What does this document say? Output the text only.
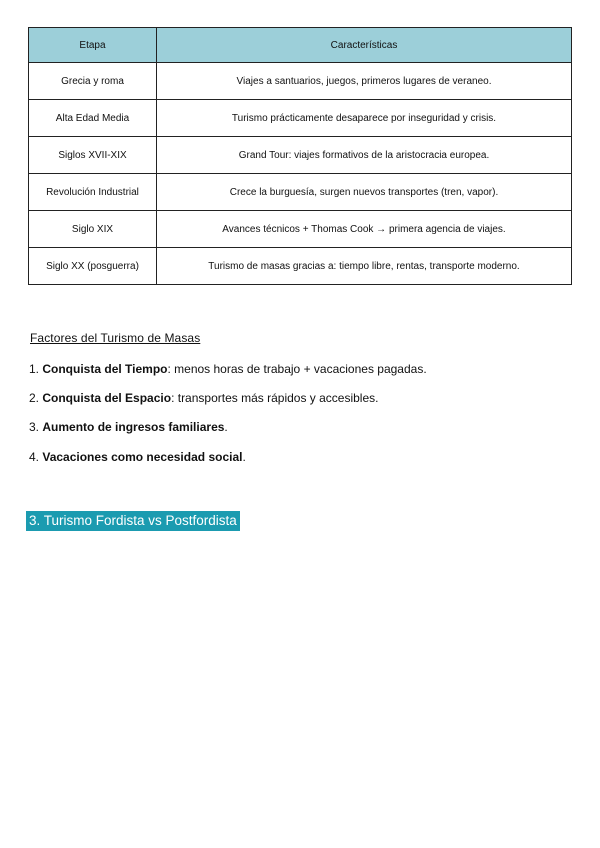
Etapa	Características
Grecia y roma	Viajes a santuarios, juegos, primeros lugares de veraneo.
Alta Edad Media	Turismo prácticamente desaparece por inseguridad y crisis.
Siglos XVII-XIX	Grand Tour: viajes formativos de la aristocracia europea.
Revolución Industrial	Crece la burguesía, surgen nuevos transportes (tren, vapor).
Siglo XIX	Avances técnicos + Thomas Cook → primera agencia de viajes.
Siglo XX (posguerra)	Turismo de masas gracias a: tiempo libre, rentas, transporte moderno.
Factores del Turismo de Masas
1. Conquista del Tiempo: menos horas de trabajo + vacaciones pagadas.
2. Conquista del Espacio: transportes más rápidos y accesibles.
3. Aumento de ingresos familiares.
4. Vacaciones como necesidad social.
3. Turismo Fordista vs Postfordista
